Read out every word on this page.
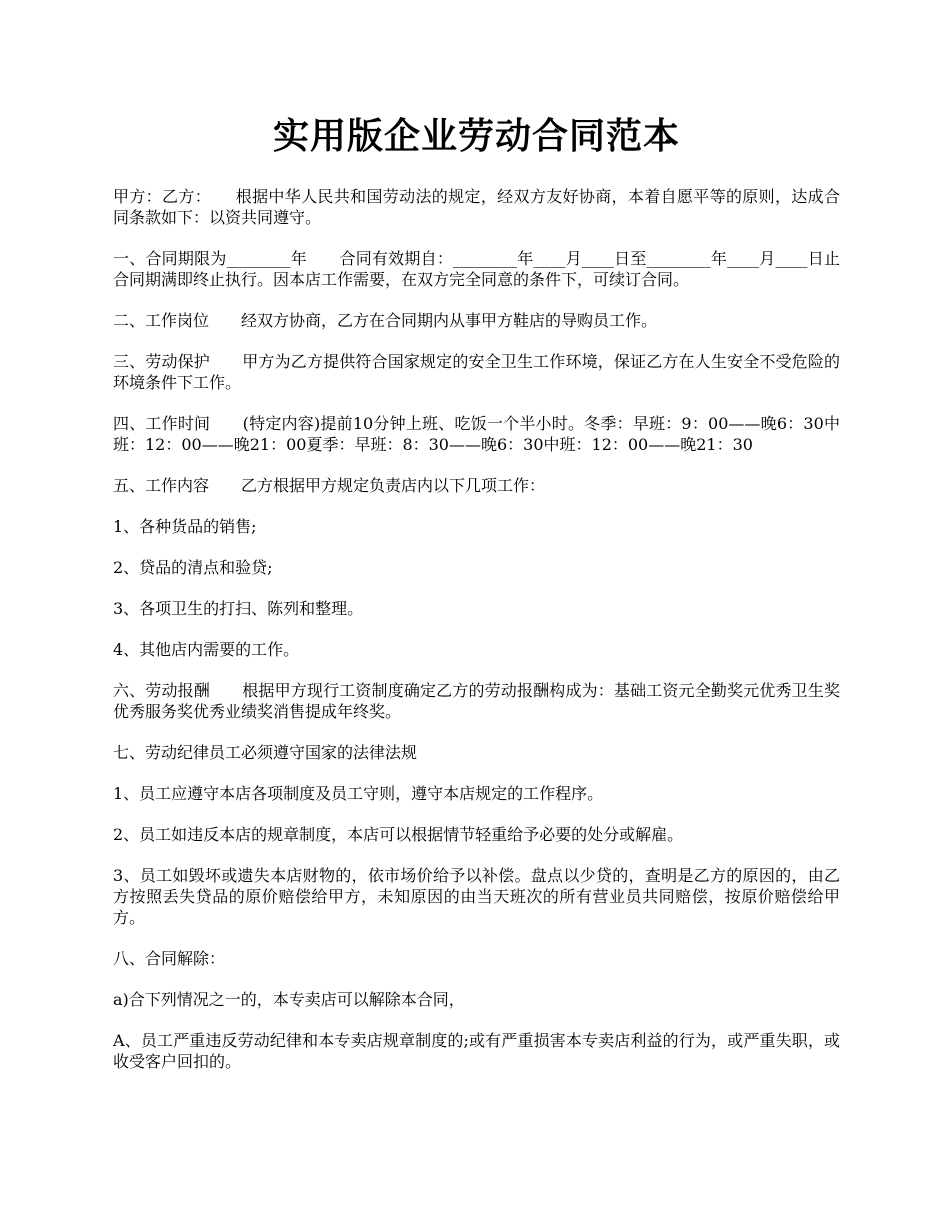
实用版企业劳动合同范本

甲方：乙方：　　根据中华人民共和国劳动法的规定，经双方友好协商，本着自愿平等的原则，达成合同条款如下：以资共同遵守。

一、合同期限为________年　　合同有效期自：________年____月____日至________年____月____日止合同期满即终止执行。因本店工作需要，在双方完全同意的条件下，可续订合同。

二、工作岗位　　经双方协商，乙方在合同期内从事甲方鞋店的导购员工作。

三、劳动保护　　甲方为乙方提供符合国家规定的安全卫生工作环境，保证乙方在人生安全不受危险的环境条件下工作。

四、工作时间　　(特定内容)提前10分钟上班、吃饭一个半小时。冬季：早班：9：00——晚6：30中班：12：00——晚21：00夏季：早班：8：30——晚6：30中班：12：00——晚21：30

五、工作内容　　乙方根据甲方规定负责店内以下几项工作：

1、各种货品的销售;

2、贷品的清点和验贷;

3、各项卫生的打扫、陈列和整理。

4、其他店内需要的工作。

六、劳动报酬　　根据甲方现行工资制度确定乙方的劳动报酬构成为：基础工资元全勤奖元优秀卫生奖优秀服务奖优秀业绩奖消售提成年终奖。

七、劳动纪律员工必须遵守国家的法律法规

1、员工应遵守本店各项制度及员工守则，遵守本店规定的工作程序。

2、员工如违反本店的规章制度，本店可以根据情节轻重给予必要的处分或解雇。

3、员工如毁坏或遗失本店财物的，依市场价给予以补偿。盘点以少贷的，查明是乙方的原因的，由乙方按照丢失贷品的原价赔偿给甲方，未知原因的由当天班次的所有营业员共同赔偿，按原价赔偿给甲方。

八、合同解除：

a)合下列情况之一的，本专卖店可以解除本合同，

A、员工严重违反劳动纪律和本专卖店规章制度的;或有严重损害本专卖店利益的行为，或严重失职，或收受客户回扣的。
